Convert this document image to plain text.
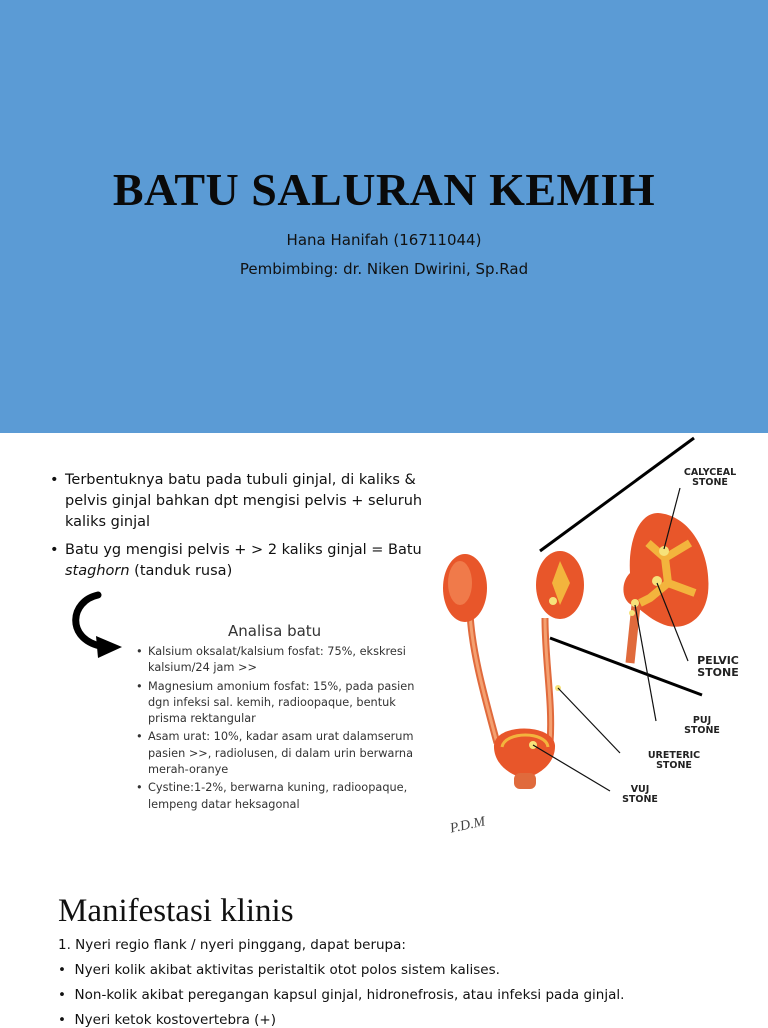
BATU SALURAN KEMIH
Hana Hanifah (16711044)
Pembimbing: dr. Niken Dwirini, Sp.Rad
• Terbentuknya batu pada tubuli ginjal, di kaliks & pelvis ginjal bahkan dpt mengisi pelvis + seluruh kaliks ginjal
• Batu yg mengisi pelvis + > 2 kaliks ginjal = Batu staghorn (tanduk rusa)
Analisa batu
• Kalsium oksalat/kalsium fosfat: 75%, ekskresi kalsium/24 jam >>
• Magnesium amonium fosfat: 15%, pada pasien dgn infeksi sal. kemih, radioopaque, bentuk prisma rektangular
• Asam urat: 10%, kadar asam urat dalamserum pasien >>, radiolusen, di dalam urin berwarna merah-oranye
• Cystine:1-2%, berwarna kuning, radioopaque, lempeng datar heksagonal
CALYCEAL
STONE
PELVIC
STONE
PUJ
STONE
URETERIC
STONE
VUJ
STONE
P.D.M
Manifestasi klinis
1. Nyeri regio flank / nyeri pinggang, dapat berupa:
•  Nyeri kolik akibat aktivitas peristaltik otot polos sistem kalises.
•  Non-kolik akibat peregangan kapsul ginjal, hidronefrosis, atau infeksi pada ginjal.
•  Nyeri ketok kostovertebra (+)
